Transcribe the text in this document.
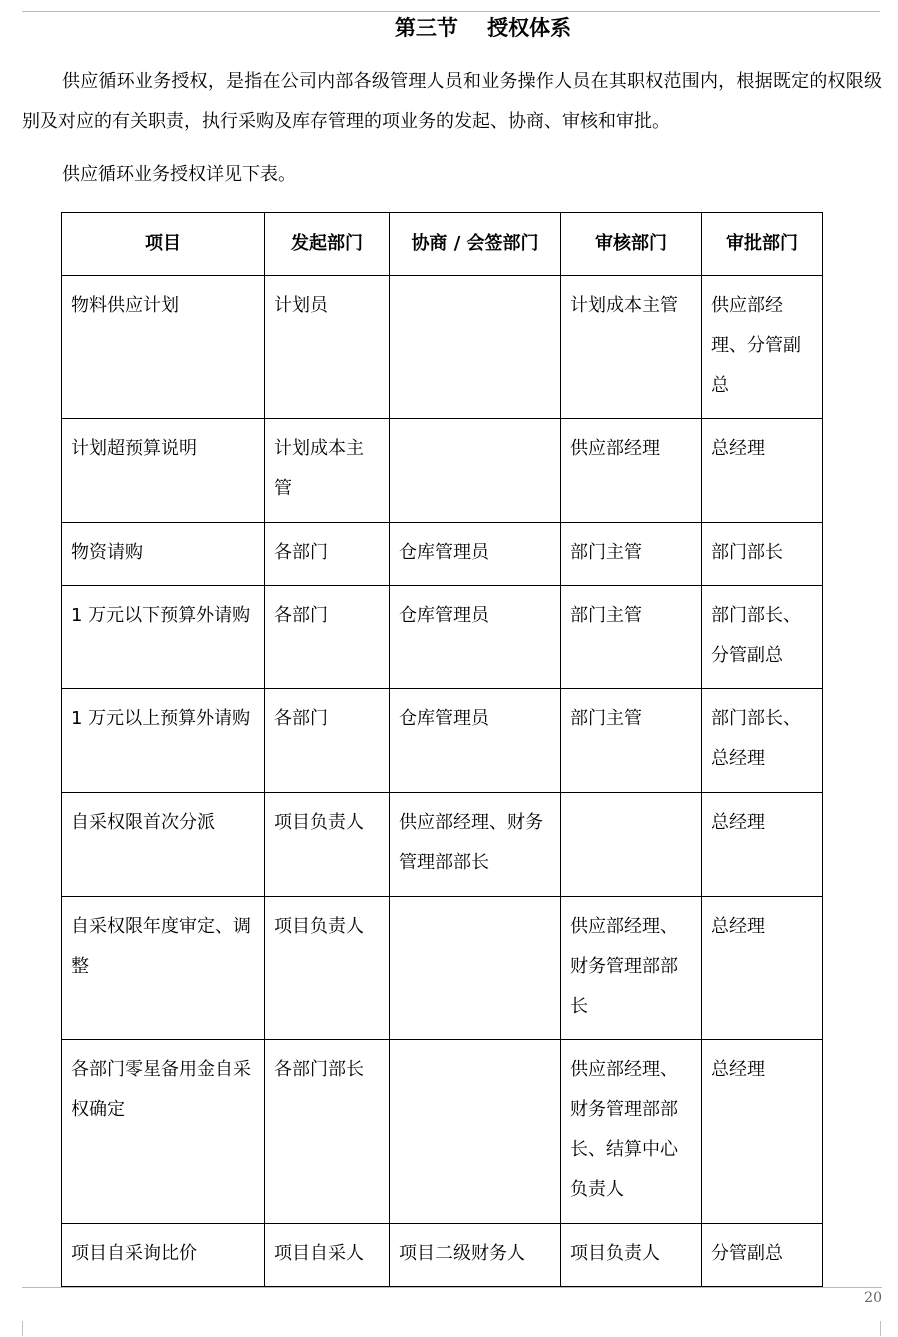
第三节    授权体系

供应循环业务授权，是指在公司内部各级管理人员和业务操作人员在其职权范围内，根据既定的权限级别及对应的有关职责，执行采购及库存管理的项业务的发起、协商、审核和审批。

供应循环业务授权详见下表。

项目	发起部门	协商 / 会签部门	审核部门	审批部门
物料供应计划	计划员		计划成本主管	供应部经理、分管副总
计划超预算说明	计划成本主管		供应部经理	总经理
物资请购	各部门	仓库管理员	部门主管	部门部长
1 万元以下预算外请购	各部门	仓库管理员	部门主管	部门部长、分管副总
1 万元以上预算外请购	各部门	仓库管理员	部门主管	部门部长、总经理
自采权限首次分派	项目负责人	供应部经理、财务管理部部长		总经理
自采权限年度审定、调整	项目负责人		供应部经理、财务管理部部长	总经理
各部门零星备用金自采权确定	各部门部长		供应部经理、财务管理部部长、结算中心负责人	总经理
项目自采询比价	项目自采人	项目二级财务人	项目负责人	分管副总
20
